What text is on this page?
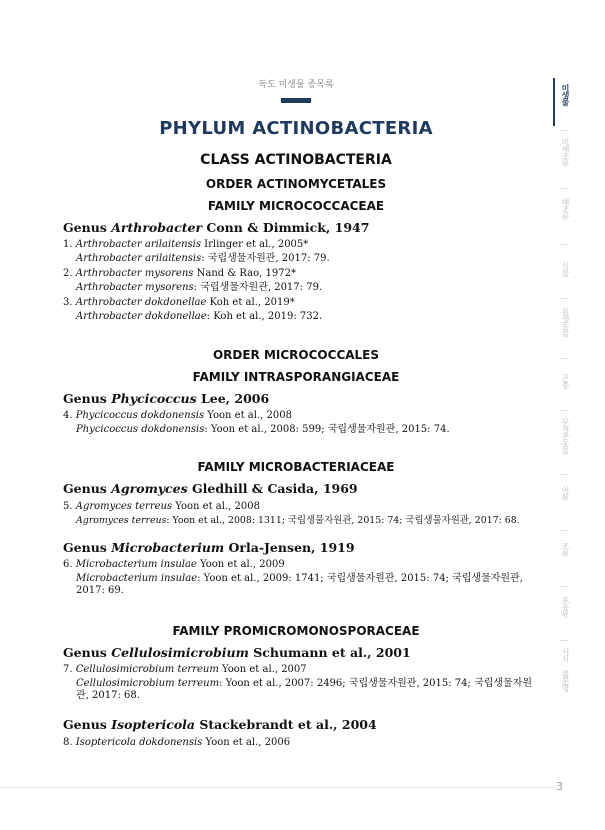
독도 미생물 종목록
PHYLUM ACTINOBACTERIA
CLASS ACTINOBACTERIA
ORDER ACTINOMYCETALES
FAMILY MICROCOCCACEAE
Genus Arthrobacter Conn & Dimmick, 1947
1. Arthrobacter arilaitensis Irlinger et al., 2005*
Arthrobacter arilaitensis: 국립생물자원관, 2017: 79.
2. Arthrobacter mysorens Nand & Rao, 1972*
Arthrobacter mysorens: 국립생물자원관, 2017: 79.
3. Arthrobacter dokdonellae Koh et al., 2019*
Arthrobacter dokdonellae: Koh et al., 2019: 732.
ORDER MICROCOCCALES
FAMILY INTRASPORANGIACEAE
Genus Phycicoccus Lee, 2006
4. Phycicoccus dokdonensis Yoon et al., 2008
Phycicoccus dokdonensis: Yoon et al., 2008: 599; 국립생물자원관, 2015: 74.
FAMILY MICROBACTERIACEAE
Genus Agromyces Gledhill & Casida, 1969
5. Agromyces terreus Yoon et al., 2008
Agromyces terreus: Yoon et al., 2008: 1311; 국립생물자원관, 2015: 74; 국립생물자원관, 2017: 68.
Genus Microbacterium Orla-Jensen, 1919
6. Microbacterium insulae Yoon et al., 2009
Microbacterium insulae: Yoon et al., 2009: 1741; 국립생물자원관, 2015: 74; 국립생물자원관, 2017: 69.
FAMILY PROMICROMONOSPORACEAE
Genus Cellulosimicrobium Schumann et al., 2001
7. Cellulosimicrobium terreum Yoon et al., 2007
Cellulosimicrobium terreum: Yoon et al., 2007: 2496; 국립생물자원관, 2015: 74; 국립생물자원관, 2017: 68.
Genus Isoptericola Stackebrandt et al., 2004
8. Isoptericola dokdonensis Yoon et al., 2006
미생물
미세조류
해조류
식물
원생동물
곤충
무척추동물
어류
조류
포유류
서식 불분명
3
